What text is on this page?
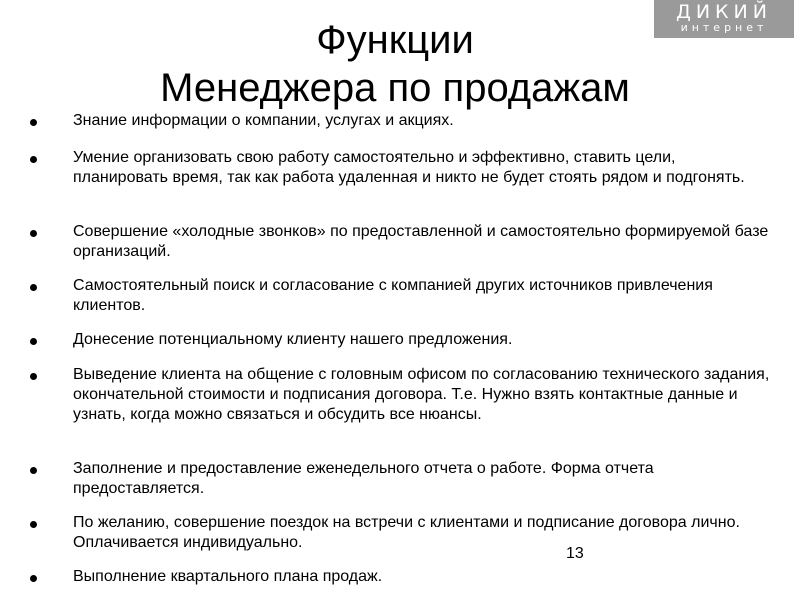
ДИКИЙ
интернет
Функции
Менеджера по продажам
Знание информации о компании, услугах и акциях.
Умение организовать свою работу самостоятельно и эффективно, ставить цели, планировать время, так как работа удаленная и никто не будет стоять рядом и подгонять.
Совершение «холодные звонков» по предоставленной и самостоятельно формируемой базе организаций.
Самостоятельный поиск и согласование с компанией других источников привлечения клиентов.
Донесение потенциальному клиенту нашего предложения.
Выведение клиента на общение с головным офисом по согласованию технического задания, окончательной стоимости и подписания договора. Т.е. Нужно взять контактные данные и узнать, когда можно связаться и обсудить все нюансы.
Заполнение и предоставление еженедельного отчета о работе. Форма отчета предоставляется.
По желанию, совершение поездок на встречи с клиентами и подписание договора лично. Оплачивается индивидуально.
Выполнение квартального плана продаж.
13
